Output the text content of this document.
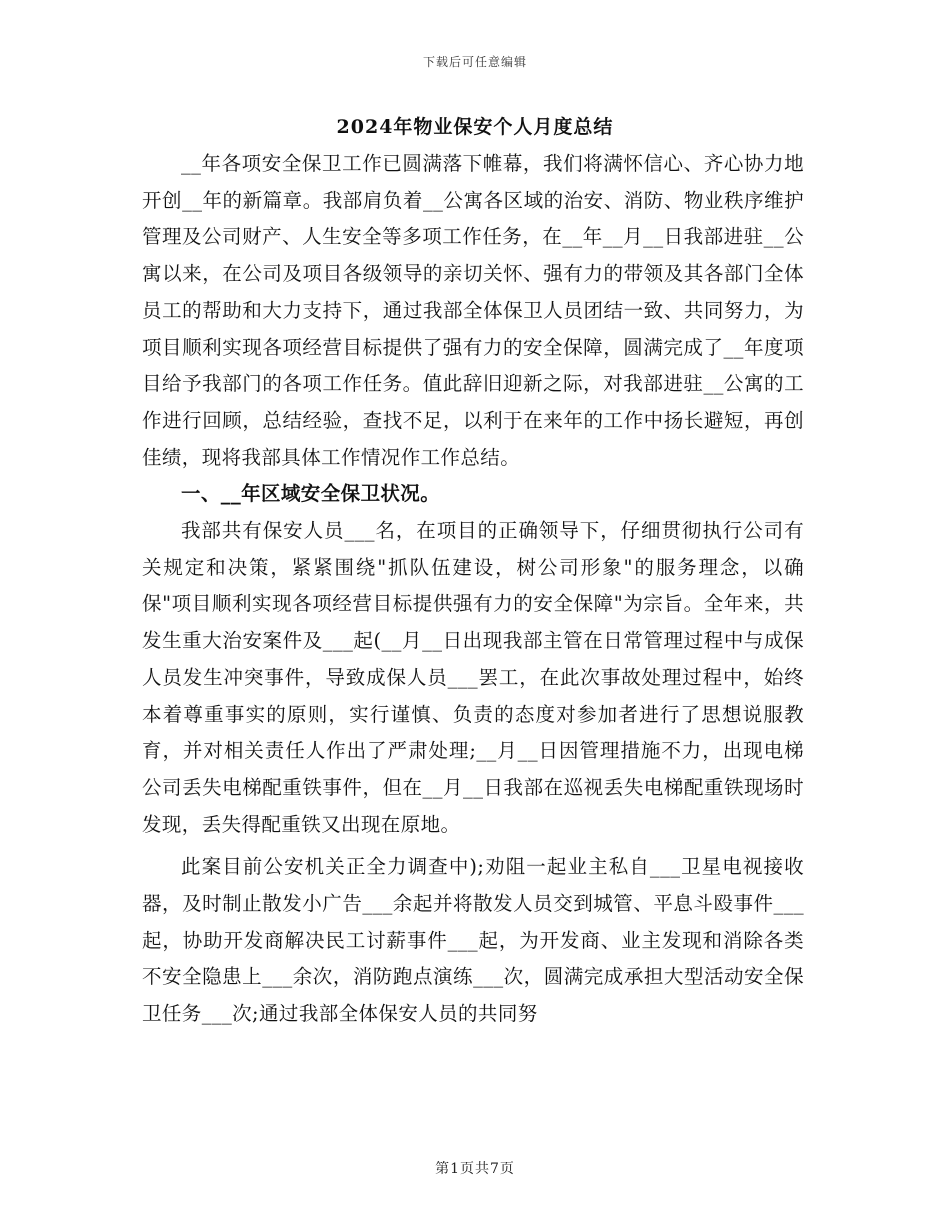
下载后可任意编辑
2024年物业保安个人月度总结

__年各项安全保卫工作已圆满落下帷幕，我们将满怀信心、齐心协力地开创__年的新篇章。我部肩负着__公寓各区域的治安、消防、物业秩序维护管理及公司财产、人生安全等多项工作任务，在__年__月__日我部进驻__公寓以来，在公司及项目各级领导的亲切关怀、强有力的带领及其各部门全体员工的帮助和大力支持下，通过我部全体保卫人员团结一致、共同努力，为项目顺利实现各项经营目标提供了强有力的安全保障，圆满完成了__年度项目给予我部门的各项工作任务。值此辞旧迎新之际，对我部进驻__公寓的工作进行回顾，总结经验，查找不足，以利于在来年的工作中扬长避短，再创佳绩，现将我部具体工作情况作工作总结。

一、__年区域安全保卫状况。

我部共有保安人员___名，在项目的正确领导下，仔细贯彻执行公司有关规定和决策，紧紧围绕"抓队伍建设，树公司形象"的服务理念，以确保"项目顺利实现各项经营目标提供强有力的安全保障"为宗旨。全年来，共发生重大治安案件及___起(__月__日出现我部主管在日常管理过程中与成保人员发生冲突事件，导致成保人员___罢工，在此次事故处理过程中，始终本着尊重事实的原则，实行谨慎、负责的态度对参加者进行了思想说服教育，并对相关责任人作出了严肃处理;__月__日因管理措施不力，出现电梯公司丢失电梯配重铁事件，但在__月__日我部在巡视丢失电梯配重铁现场时发现，丢失得配重铁又出现在原地。

此案目前公安机关正全力调查中);劝阻一起业主私自___卫星电视接收器，及时制止散发小广告___余起并将散发人员交到城管、平息斗殴事件___起，协助开发商解决民工讨薪事件___起，为开发商、业主发现和消除各类不安全隐患上___余次，消防跑点演练___次，圆满完成承担大型活动安全保卫任务___次;通过我部全体保安人员的共同努

第1页共7页
